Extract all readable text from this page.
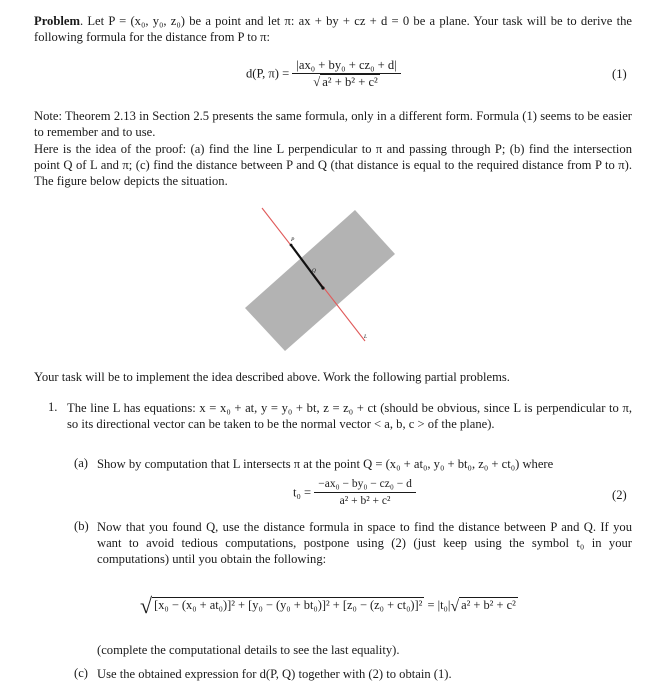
Problem. Let P = (x₀, y₀, z₀) be a point and let π: ax + by + cz + d = 0 be a plane. Your task will be to derive the following formula for the distance from P to π:

d(P, $\pi) = \frac{\text{|ax₀ + by₀ + cz₀ + d|}}{\text{√ a² + b² + c²}}$	(1)

Note: Theorem 2.13 in Section 2.5 presents the same formula, only in a different form. Formula (1) seems to be easier to remember and to use.

Here is the idea of the proof: (a) find the line L perpendicular to π and passing through P; (b) find the intersection point Q of L and π; (c) find the distance between P and Q (that distance is equal to the required distance from P to π). The figure below depicts the situation.

P
Q
L

Your task will be to implement the idea described above. Work the following partial problems.

1. The line L has equations: x = x₀ + at, y = y₀ + bt, z = z₀ + ct (should be obvious, since L is perpendicular to π, so its directional vector can be taken to be the normal vector < a, b, c > of the plane).

(a) Show by computation that L intersects π at the point Q = (x₀ + at₀, y₀ + bt₀, z₀ + ct₀) where

$t_0 = \frac{\text{−ax₀ − by₀ − cz₀ − d}}{\text{a² + b² + c²}}$	(2)
(b) Now that you found Q, use the distance formula in space to find the distance between P and Q. If you want to avoid tedious computations, postpone using (2) (just keep using the symbol t₀ in your computations) until you obtain the following:

√ [x₀ − (x₀ + at₀)]² + [y₀ − (y₀ + bt₀)]² + [z₀ − (z₀ + ct₀)]² = |t₀|√ a² + b² + c²

(complete the computational details to see the last equality).

(c) Use the obtained expression for d(P, Q) together with (2) to obtain (1).
